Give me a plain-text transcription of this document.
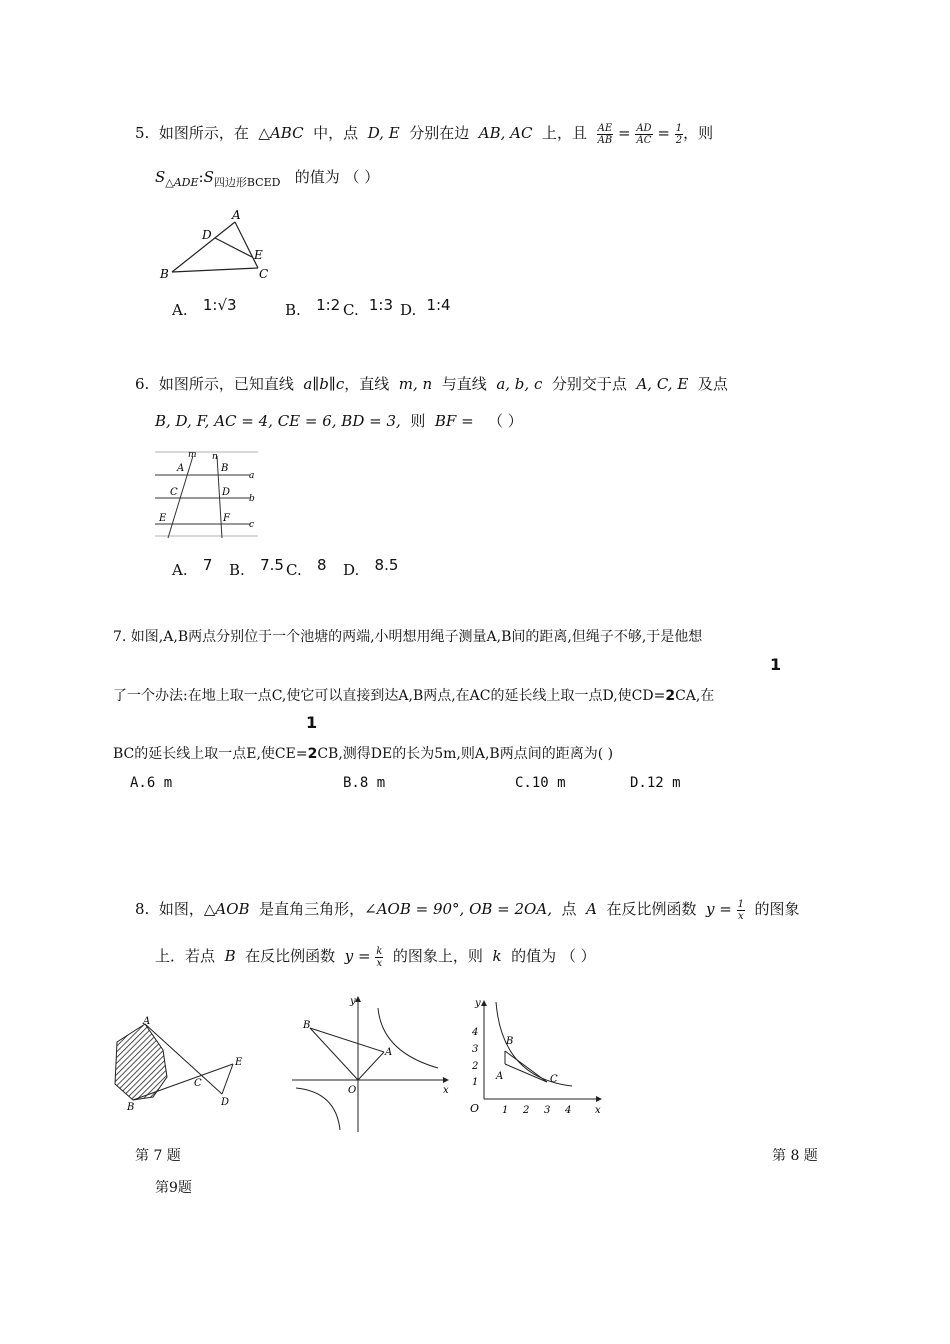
5. 如图所示，在 △ABC 中，点 D, E 分别在边 AB, AC 上，且 $\frac{AE}{AB} = \frac{AD}{AC} = \frac{1}{2}$ ，则
$S_{\triangle ADE}:S_{四边形BCED}$ 的值为 （ ）
A
D
E
B	C
A. 1:√3	B. 1:2 C. 1:3 D. 1:4
6. 如图所示，已知直线 a∥b∥c，直线 m, n 与直线 a, b, c 分别交于点 A, C, E 及点
B, D, F, AC = 4, CE = 6, BD = 3, 则 BF = （ ）
m n
A	B
C	D
E	F
a
b
c
A. 7 B. 7.5 C. 8 D. 8.5
7. 如图,A,B两点分别位于一个池塘的两端,小明想用绳子测量A,B间的距离,但绳子不够,于是他想
1
了一个办法:在地上取一点C,使它可以直接到达A,B两点,在AC的延长线上取一点D,使CD=2CA,在
1
BC的延长线上取一点E,使CE=2CB,测得DE的长为5m,则A,B两点间的距离为( )
A.6 m	B.8 m	C.10 m	D.12 m
8. 如图，△AOB 是直角三角形，∠AOB = 90°, OB = 2OA, 点 A 在反比例函数 $y = \frac{1}{x}$ 的图象
上．若点 B 在反比例函数 $y = \frac{k}{x}$ 的图象上，则 k 的值为 （ ）
A
B
C
D
E
y
x
O
A
B
y
x
O
B
A	C
1 2 3 4
1
2
3
4
第 7 题	第 8 题
第9题
